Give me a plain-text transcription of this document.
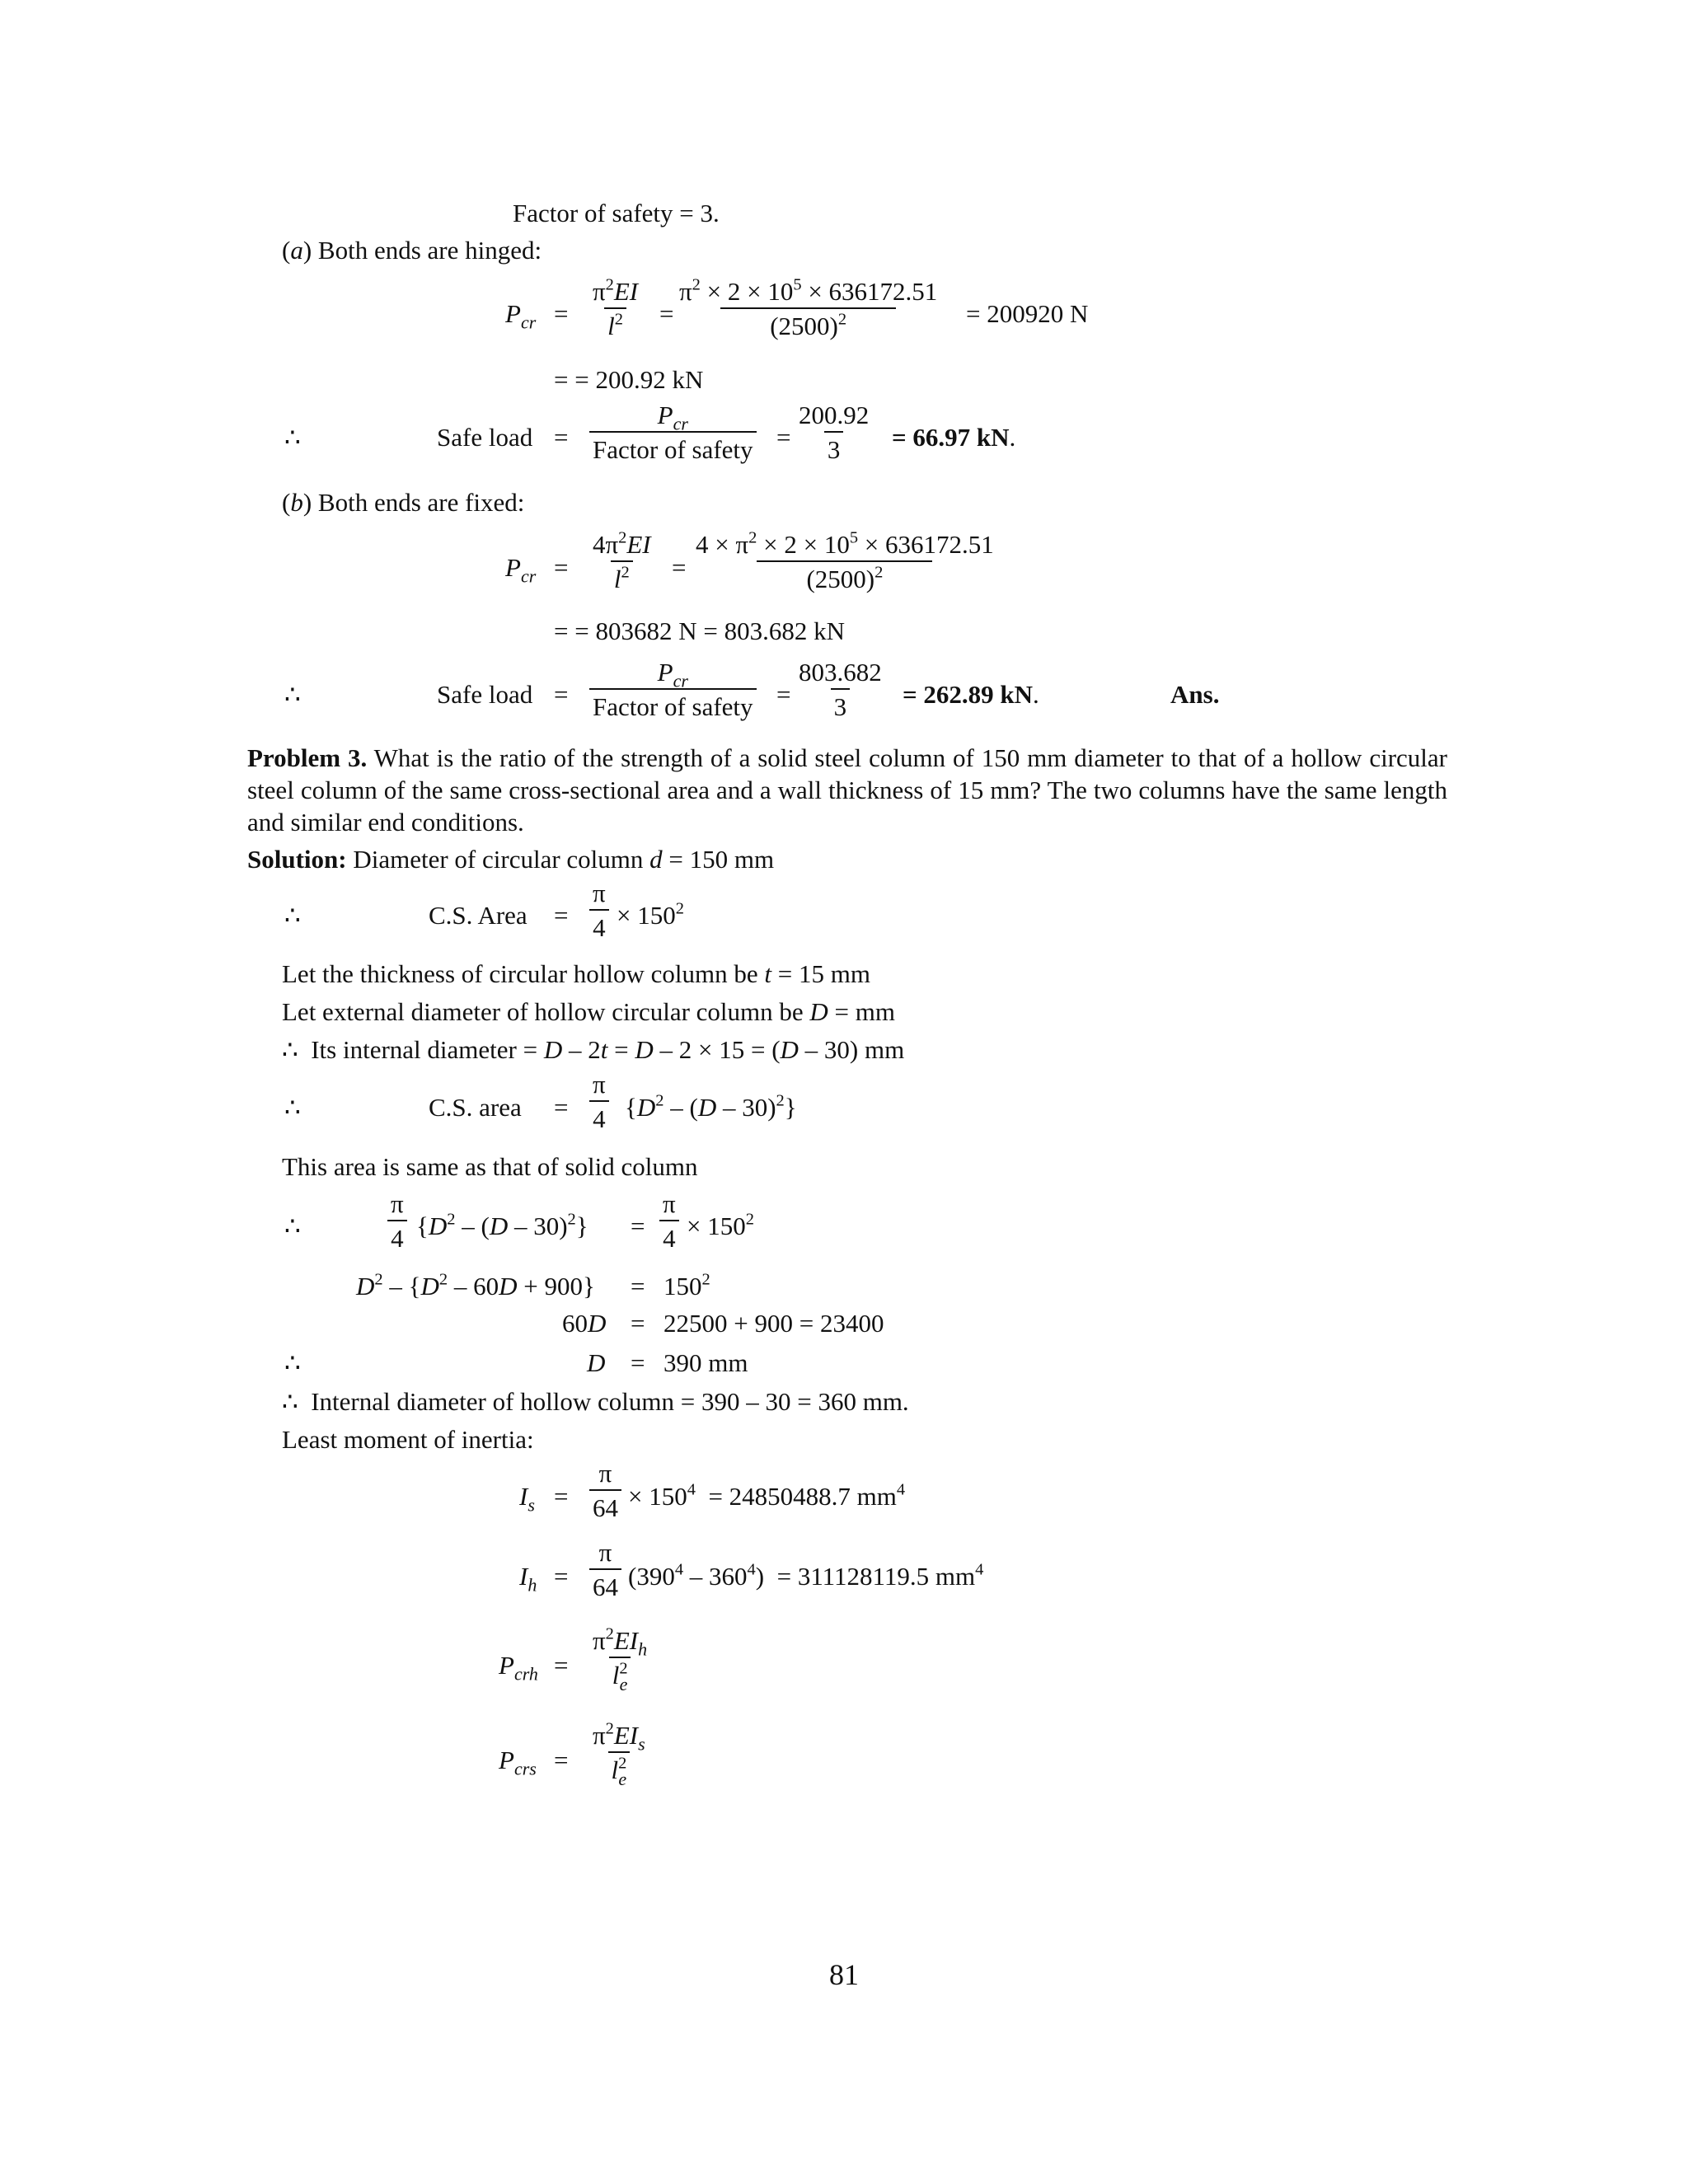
Factor of safety = 3.
(a) Both ends are hinged:
$P_{cr} = \frac{\pi^2EI}{l^2} = \frac{\pi^2 \times 2 \times 10^5 \times 636172.51}{(2500)^2} = 200920$ N
= = 200.92 kN
∴	Safe load =
$P_{cr}$
Factor of safety = $\frac{200.92}{3} = 66.97$ kN.
(b) Both ends are fixed:
$P_{cr} = \frac{4\pi^2EI}{l^2} = \frac{4 \times \pi^2 \times 2 \times 10^5 \times 636172.51}{(2500)^2}$
= = 803682 N = 803.682 kN
∴	Safe load =
$P_{cr}$
Factor of safety = $\frac{803.682}{3} = 262.89$ kN.	Ans.
Problem 3. What is the ratio of the strength of a solid steel column of 150 mm diameter to that of a hollow circular steel column of the same cross-sectional area and a wall thickness of 15 mm? The two columns have the same length and similar end conditions.
Solution: Diameter of circular column d = 150 mm
∴	C.S. Area = $\frac{\pi}{4} \times 150^2$
Let the thickness of circular hollow column be t = 15 mm
Let external diameter of hollow circular column be D = mm
∴  Its internal diameter = D – 2t = D – 2 × 15 = (D – 30) mm
∴	C.S. area = $\frac{\pi}{4} \{D^2 - (D - 30)^2\}$
This area is same as that of solid column
∴	$\frac{\pi}{4} \{D^2 - (D - 30)^2\} = \frac{\pi}{4} \times 150^2$
$D^2 - \{D^2 - 60D + 900\} = 150^2$
60D = 22500 + 900 = 23400
∴	D = 390 mm
∴  Internal diameter of hollow column = 390 – 30 = 360 mm.
Least moment of inertia:
$I_s = \frac{\pi}{64} \times 150^4 = 24850488.7$ $mm^4$
$I_h = \frac{\pi}{64} (390^4 - 360^4) = 311128119.5$ $mm^4$
$P_{crh}$ =
$\pi^2EI_h$
$l^2_e$
$P_{crs}$ =
$\pi^2EI_s$
$l^2_e$
81
